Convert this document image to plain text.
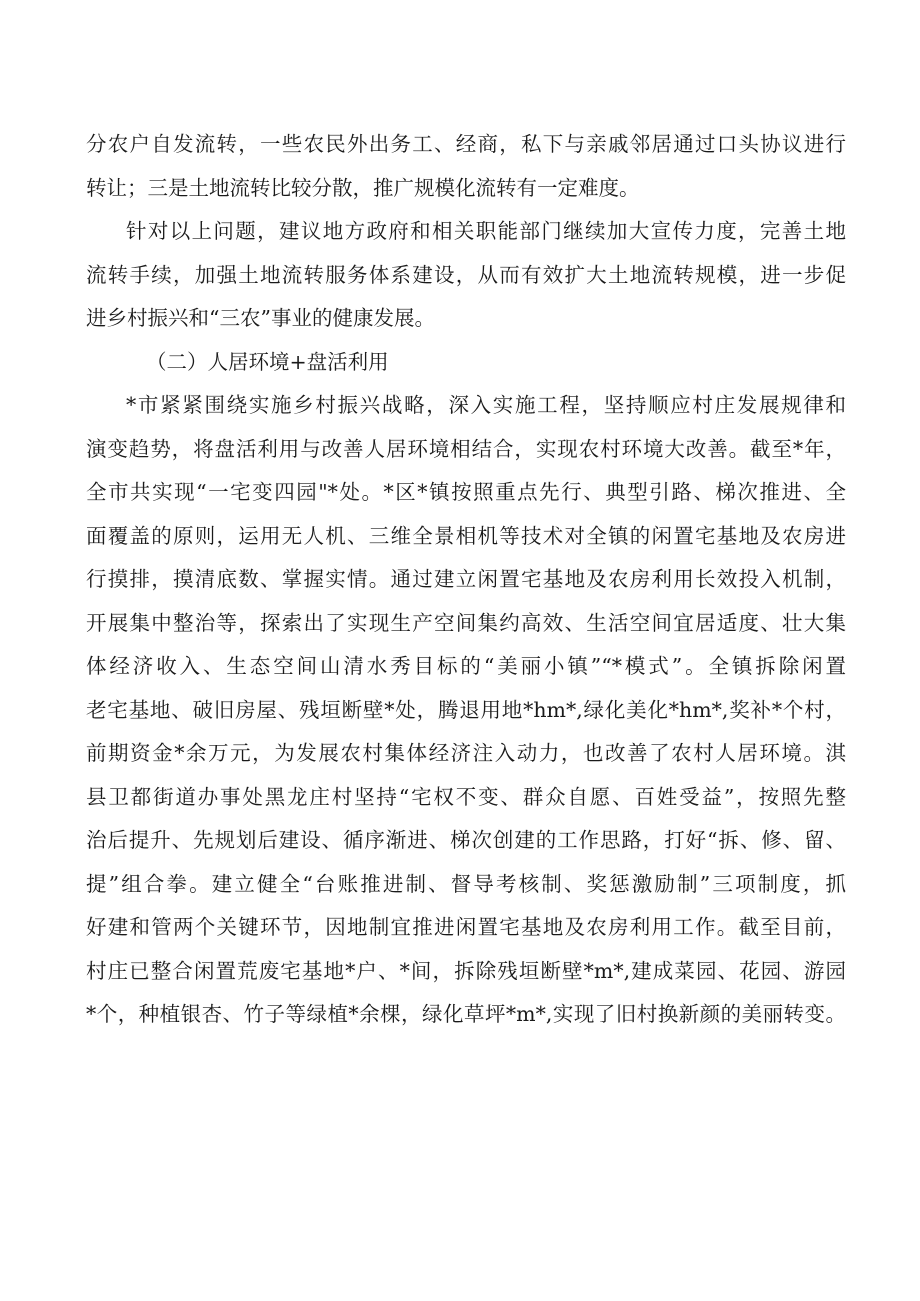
分农户自发流转，一些农民外出务工、经商，私下与亲戚邻居通过口头协议进行
转让；三是土地流转比较分散，推广规模化流转有一定难度。
针对以上问题，建议地方政府和相关职能部门继续加大宣传力度，完善土地
流转手续，加强土地流转服务体系建设，从而有效扩大土地流转规模，进一步促
进乡村振兴和“三农”事业的健康发展。
（二）人居环境+盘活利用
*市紧紧围绕实施乡村振兴战略，深入实施工程，坚持顺应村庄发展规律和
演变趋势，将盘活利用与改善人居环境相结合，实现农村环境大改善。截至*年，
全市共实现“一宅变四园"*处。*区*镇按照重点先行、典型引路、梯次推进、全
面覆盖的原则，运用无人机、三维全景相机等技术对全镇的闲置宅基地及农房进
行摸排，摸清底数、掌握实情。通过建立闲置宅基地及农房利用长效投入机制，
开展集中整治等，探索出了实现生产空间集约高效、生活空间宜居适度、壮大集
体经济收入、生态空间山清水秀目标的“美丽小镇”“*模式”。全镇拆除闲置
老宅基地、破旧房屋、残垣断壁*处，腾退用地*hm*,绿化美化*hm*,奖补*个村，
前期资金*余万元，为发展农村集体经济注入动力，也改善了农村人居环境。淇
县卫都街道办事处黑龙庄村坚持“宅权不变、群众自愿、百姓受益”，按照先整
治后提升、先规划后建设、循序渐进、梯次创建的工作思路，打好“拆、修、留、
提”组合拳。建立健全“台账推进制、督导考核制、奖惩激励制”三项制度，抓
好建和管两个关键环节，因地制宜推进闲置宅基地及农房利用工作。截至目前，
村庄已整合闲置荒废宅基地*户、*间，拆除残垣断壁*m*,建成菜园、花园、游园
*个，种植银杏、竹子等绿植*余棵，绿化草坪*m*,实现了旧村换新颜的美丽转变。
